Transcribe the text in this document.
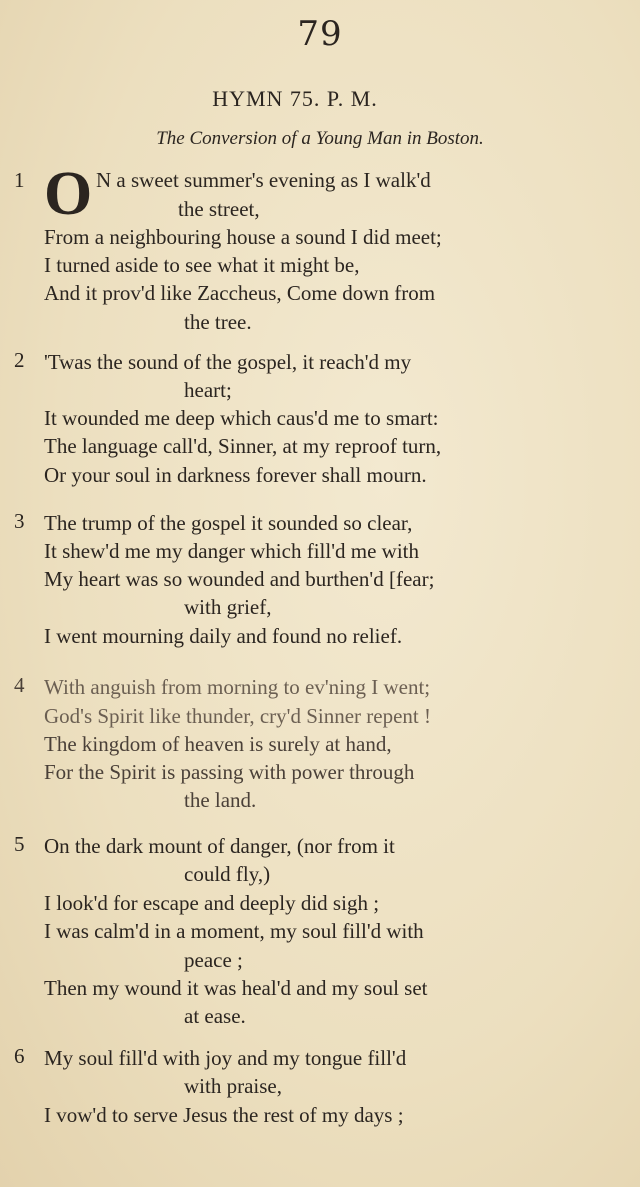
79
HYMN 75. P. M.
The Conversion of a Young Man in Boston.
1 O N a sweet summer's evening as I walk'd
the street,
From a neighbouring house a sound I did meet;
I turned aside to see what it might be,
And it prov'd like Zaccheus, Come down from
the tree.
2 'Twas the sound of the gospel, it reach'd my
heart;
It wounded me deep which caus'd me to smart:
The language call'd, Sinner, at my reproof turn,
Or your soul in darkness forever shall mourn.
3 The trump of the gospel it sounded so clear,
It shew'd me my danger which fill'd me with
My heart was so wounded and burthen'd [fear;
with grief,
I went mourning daily and found no relief.
4 With anguish from morning to ev'ning I went;
God's Spirit like thunder, cry'd Sinner repent !
The kingdom of heaven is surely at hand,
For the Spirit is passing with power through
the land.
5 On the dark mount of danger, (nor from it
could fly,)
I look'd for escape and deeply did sigh ;
I was calm'd in a moment, my soul fill'd with
peace ;
Then my wound it was heal'd and my soul set
at ease.
6 My soul fill'd with joy and my tongue fill'd
with praise,
I vow'd to serve Jesus the rest of my days ;
